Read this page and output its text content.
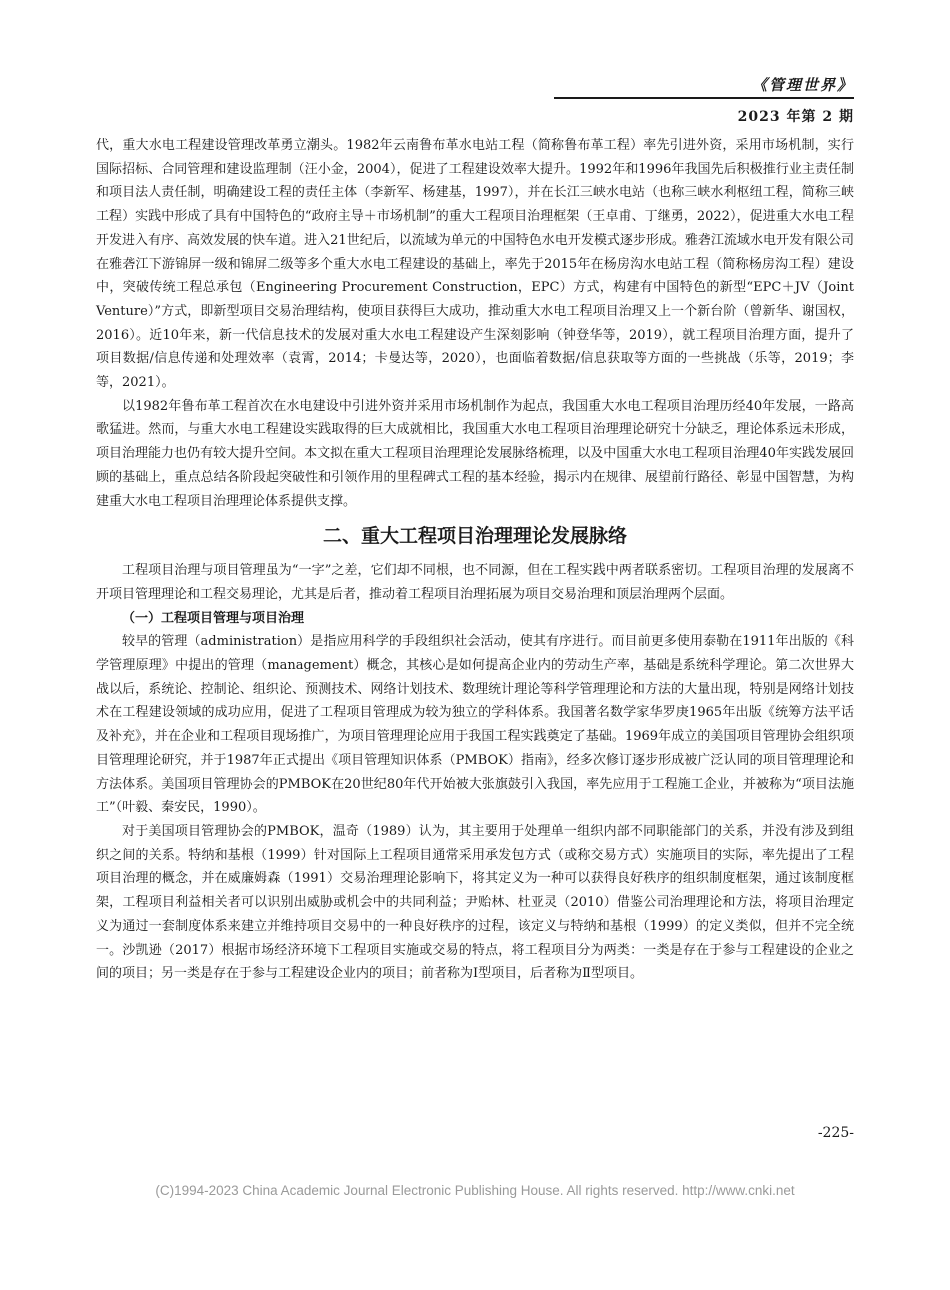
《管理世界》
2023 年第 2 期

代，重大水电工程建设管理改革勇立潮头。1982年云南鲁布革水电站工程（简称鲁布革工程）率先引进外资，采用市场机制，实行国际招标、合同管理和建设监理制（汪小金，2004），促进了工程建设效率大提升。1992年和1996年我国先后积极推行业主责任制和项目法人责任制，明确建设工程的责任主体（李新军、杨建基，1997），并在长江三峡水电站（也称三峡水利枢纽工程，简称三峡工程）实践中形成了具有中国特色的“政府主导＋市场机制”的重大工程项目治理框架（王卓甫、丁继勇，2022），促进重大水电工程开发进入有序、高效发展的快车道。进入21世纪后，以流域为单元的中国特色水电开发模式逐步形成。雅砻江流域水电开发有限公司在雅砻江下游锦屏一级和锦屏二级等多个重大水电工程建设的基础上，率先于2015年在杨房沟水电站工程（简称杨房沟工程）建设中，突破传统工程总承包（Engineering Procurement Construction，EPC）方式，构建有中国特色的新型“EPC＋JV（Joint Venture）”方式，即新型项目交易治理结构，使项目获得巨大成功，推动重大水电工程项目治理又上一个新台阶（曾新华、谢国权，2016）。近10年来，新一代信息技术的发展对重大水电工程建设产生深刻影响（钟登华等，2019），就工程项目治理方面，提升了项目数据/信息传递和处理效率（袁霄，2014；卡曼达等，2020），也面临着数据/信息获取等方面的一些挑战（乐等，2019；李等，2021）。

以1982年鲁布革工程首次在水电建设中引进外资并采用市场机制作为起点，我国重大水电工程项目治理历经40年发展，一路高歌猛进。然而，与重大水电工程建设实践取得的巨大成就相比，我国重大水电工程项目治理理论研究十分缺乏，理论体系远未形成，项目治理能力也仍有较大提升空间。本文拟在重大工程项目治理理论发展脉络梳理，以及中国重大水电工程项目治理40年实践发展回顾的基础上，重点总结各阶段起突破性和引领作用的里程碑式工程的基本经验，揭示内在规律、展望前行路径、彰显中国智慧，为构建重大水电工程项目治理理论体系提供支撑。

二、重大工程项目治理理论发展脉络

工程项目治理与项目管理虽为“一字”之差，它们却不同根，也不同源，但在工程实践中两者联系密切。工程项目治理的发展离不开项目管理理论和工程交易理论，尤其是后者，推动着工程项目治理拓展为项目交易治理和顶层治理两个层面。

（一）工程项目管理与项目治理

较早的管理（administration）是指应用科学的手段组织社会活动，使其有序进行。而目前更多使用泰勒在1911年出版的《科学管理原理》中提出的管理（management）概念，其核心是如何提高企业内的劳动生产率，基础是系统科学理论。第二次世界大战以后，系统论、控制论、组织论、预测技术、网络计划技术、数理统计理论等科学管理理论和方法的大量出现，特别是网络计划技术在工程建设领域的成功应用，促进了工程项目管理成为较为独立的学科体系。我国著名数学家华罗庚1965年出版《统筹方法平话及补充》，并在企业和工程项目现场推广，为项目管理理论应用于我国工程实践奠定了基础。1969年成立的美国项目管理协会组织项目管理理论研究，并于1987年正式提出《项目管理知识体系（PMBOK）指南》，经多次修订逐步形成被广泛认同的项目管理理论和方法体系。美国项目管理协会的PMBOK在20世纪80年代开始被大张旗鼓引入我国，率先应用于工程施工企业，并被称为“项目法施工”（叶毅、秦安民，1990）。

对于美国项目管理协会的PMBOK，温奇（1989）认为，其主要用于处理单一组织内部不同职能部门的关系，并没有涉及到组织之间的关系。特纳和基根（1999）针对国际上工程项目通常采用承发包方式（或称交易方式）实施项目的实际，率先提出了工程项目治理的概念，并在威廉姆森（1991）交易治理理论影响下，将其定义为一种可以获得良好秩序的组织制度框架，通过该制度框架，工程项目利益相关者可以识别出威胁或机会中的共同利益；尹贻林、杜亚灵（2010）借鉴公司治理理论和方法，将项目治理定义为通过一套制度体系来建立并维持项目交易中的一种良好秩序的过程，该定义与特纳和基根（1999）的定义类似，但并不完全统一。沙凯逊（2017）根据市场经济环境下工程项目实施或交易的特点，将工程项目分为两类：一类是存在于参与工程建设的企业之间的项目；另一类是存在于参与工程建设企业内的项目；前者称为Ⅰ型项目，后者称为Ⅱ型项目。

-225-
(C)1994-2023 China Academic Journal Electronic Publishing House. All rights reserved. http://www.cnki.net
